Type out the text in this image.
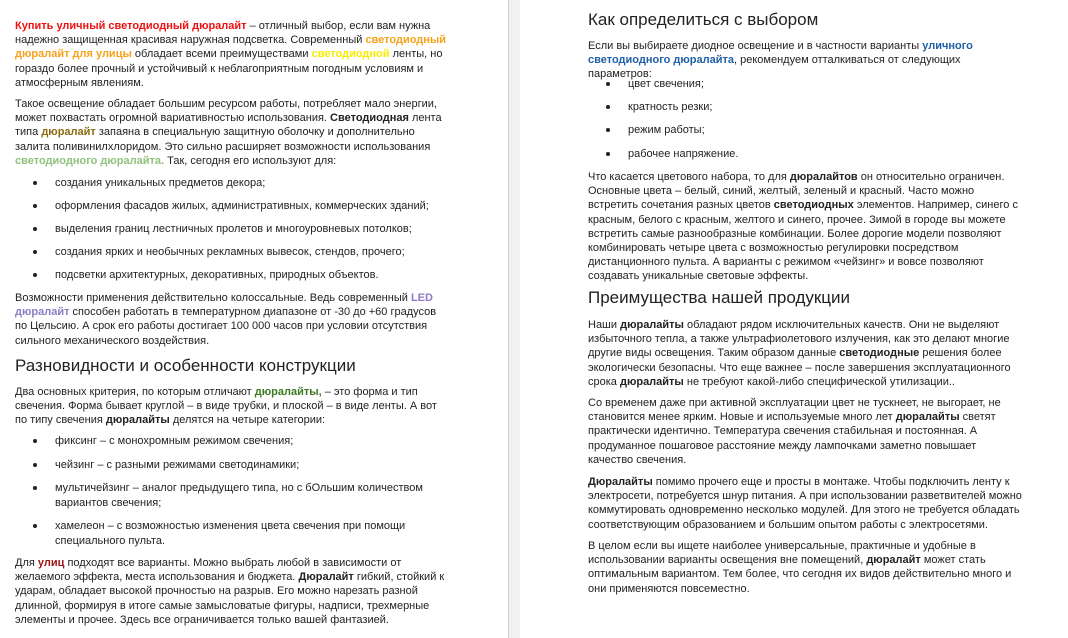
Купить уличный светодиодный дюралайт – отличный выбор, если вам нужна надежно защищенная красивая наружная подсветка. Современный светодиодный дюралайт для улицы обладает всеми преимуществами светодиодной ленты, но гораздо более прочный и устойчивый к неблагоприятным погодным условиям и атмосферным явлениям.

Такое освещение обладает большим ресурсом работы, потребляет мало энергии, может похвастать огромной вариативностью использования. Светодиодная лента типа дюралайт запаяна в специальную защитную оболочку и дополнительно залита поливинилхлоридом. Это сильно расширяет возможности использования светодиодного дюралайта. Так, сегодня его используют для:

создания уникальных предметов декора;
оформления фасадов жилых, административных, коммерческих зданий;
выделения границ лестничных пролетов и многоуровневых потолков;
создания ярких и необычных рекламных вывесок, стендов, прочего;
подсветки архитектурных, декоративных, природных объектов.

Возможности применения действительно колоссальные. Ведь современный LED дюралайт способен работать в температурном диапазоне от -30 до +60 градусов по Цельсию. А срок его работы достигает 100 000 часов при условии отсутствия сильного механического воздействия.

Разновидности и особенности конструкции

Два основных критерия, по которым отличают дюралайты, – это форма и тип свечения. Форма бывает круглой – в виде трубки, и плоской – в виде ленты. А вот по типу свечения дюралайты делятся на четыре категории:

фиксинг – с монохромным режимом свечения;
чейзинг – с разными режимами светодинамики;
мультичейзинг – аналог предыдущего типа, но с бОльшим количеством вариантов свечения;
хамелеон – с возможностью изменения цвета свечения при помощи специального пульта.

Для улиц подходят все варианты. Можно выбрать любой в зависимости от желаемого эффекта, места использования и бюджета. Дюралайт гибкий, стойкий к ударам, обладает высокой прочностью на разрыв. Его можно нарезать разной длинной, формируя в итоге самые замысловатые фигуры, надписи, трехмерные элементы и прочее. Здесь все ограничивается только вашей фантазией.

Как определиться с выбором

Если вы выбираете диодное освещение и в частности варианты уличного светодиодного дюралайта, рекомендуем отталкиваться от следующих параметров:

цвет свечения;
кратность резки;
режим работы;
рабочее напряжение.

Что касается цветового набора, то для дюралайтов он относительно ограничен. Основные цвета – белый, синий, желтый, зеленый и красный. Часто можно встретить сочетания разных цветов светодиодных элементов. Например, синего с красным, белого с красным, желтого и синего, прочее. Зимой в городе вы можете встретить самые разнообразные комбинации. Более дорогие модели позволяют комбинировать четыре цвета с возможностью регулировки посредством дистанционного пульта. А варианты с режимом «чейзинг» и вовсе позволяют создавать уникальные световые эффекты.

Преимущества нашей продукции

Наши дюралайты обладают рядом исключительных качеств. Они не выделяют избыточного тепла, а также ультрафиолетового излучения, как это делают многие другие виды освещения. Таким образом данные светодиодные решения более экологически безопасны. Что еще важнее – после завершения эксплуатационного срока дюралайты не требуют какой-либо специфической утилизации..

Со временем даже при активной эксплуатации цвет не тускнеет, не выгорает, не становится менее ярким. Новые и используемые много лет дюралайты светят практически идентично. Температура свечения стабильная и постоянная. А продуманное пошаговое расстояние между лампочками заметно повышает качество свечения.

Дюралайты помимо прочего еще и просты в монтаже. Чтобы подключить ленту к электросети, потребуется шнур питания. А при использовании разветвителей можно коммутировать одновременно несколько модулей. Для этого не требуется обладать соответствующим образованием и большим опытом работы с электросетями.

В целом если вы ищете наиболее универсальные, практичные и удобные в использовании варианты освещения вне помещений, дюралайт может стать оптимальным вариантом. Тем более, что сегодня их видов действительно много и они применяются повсеместно.
